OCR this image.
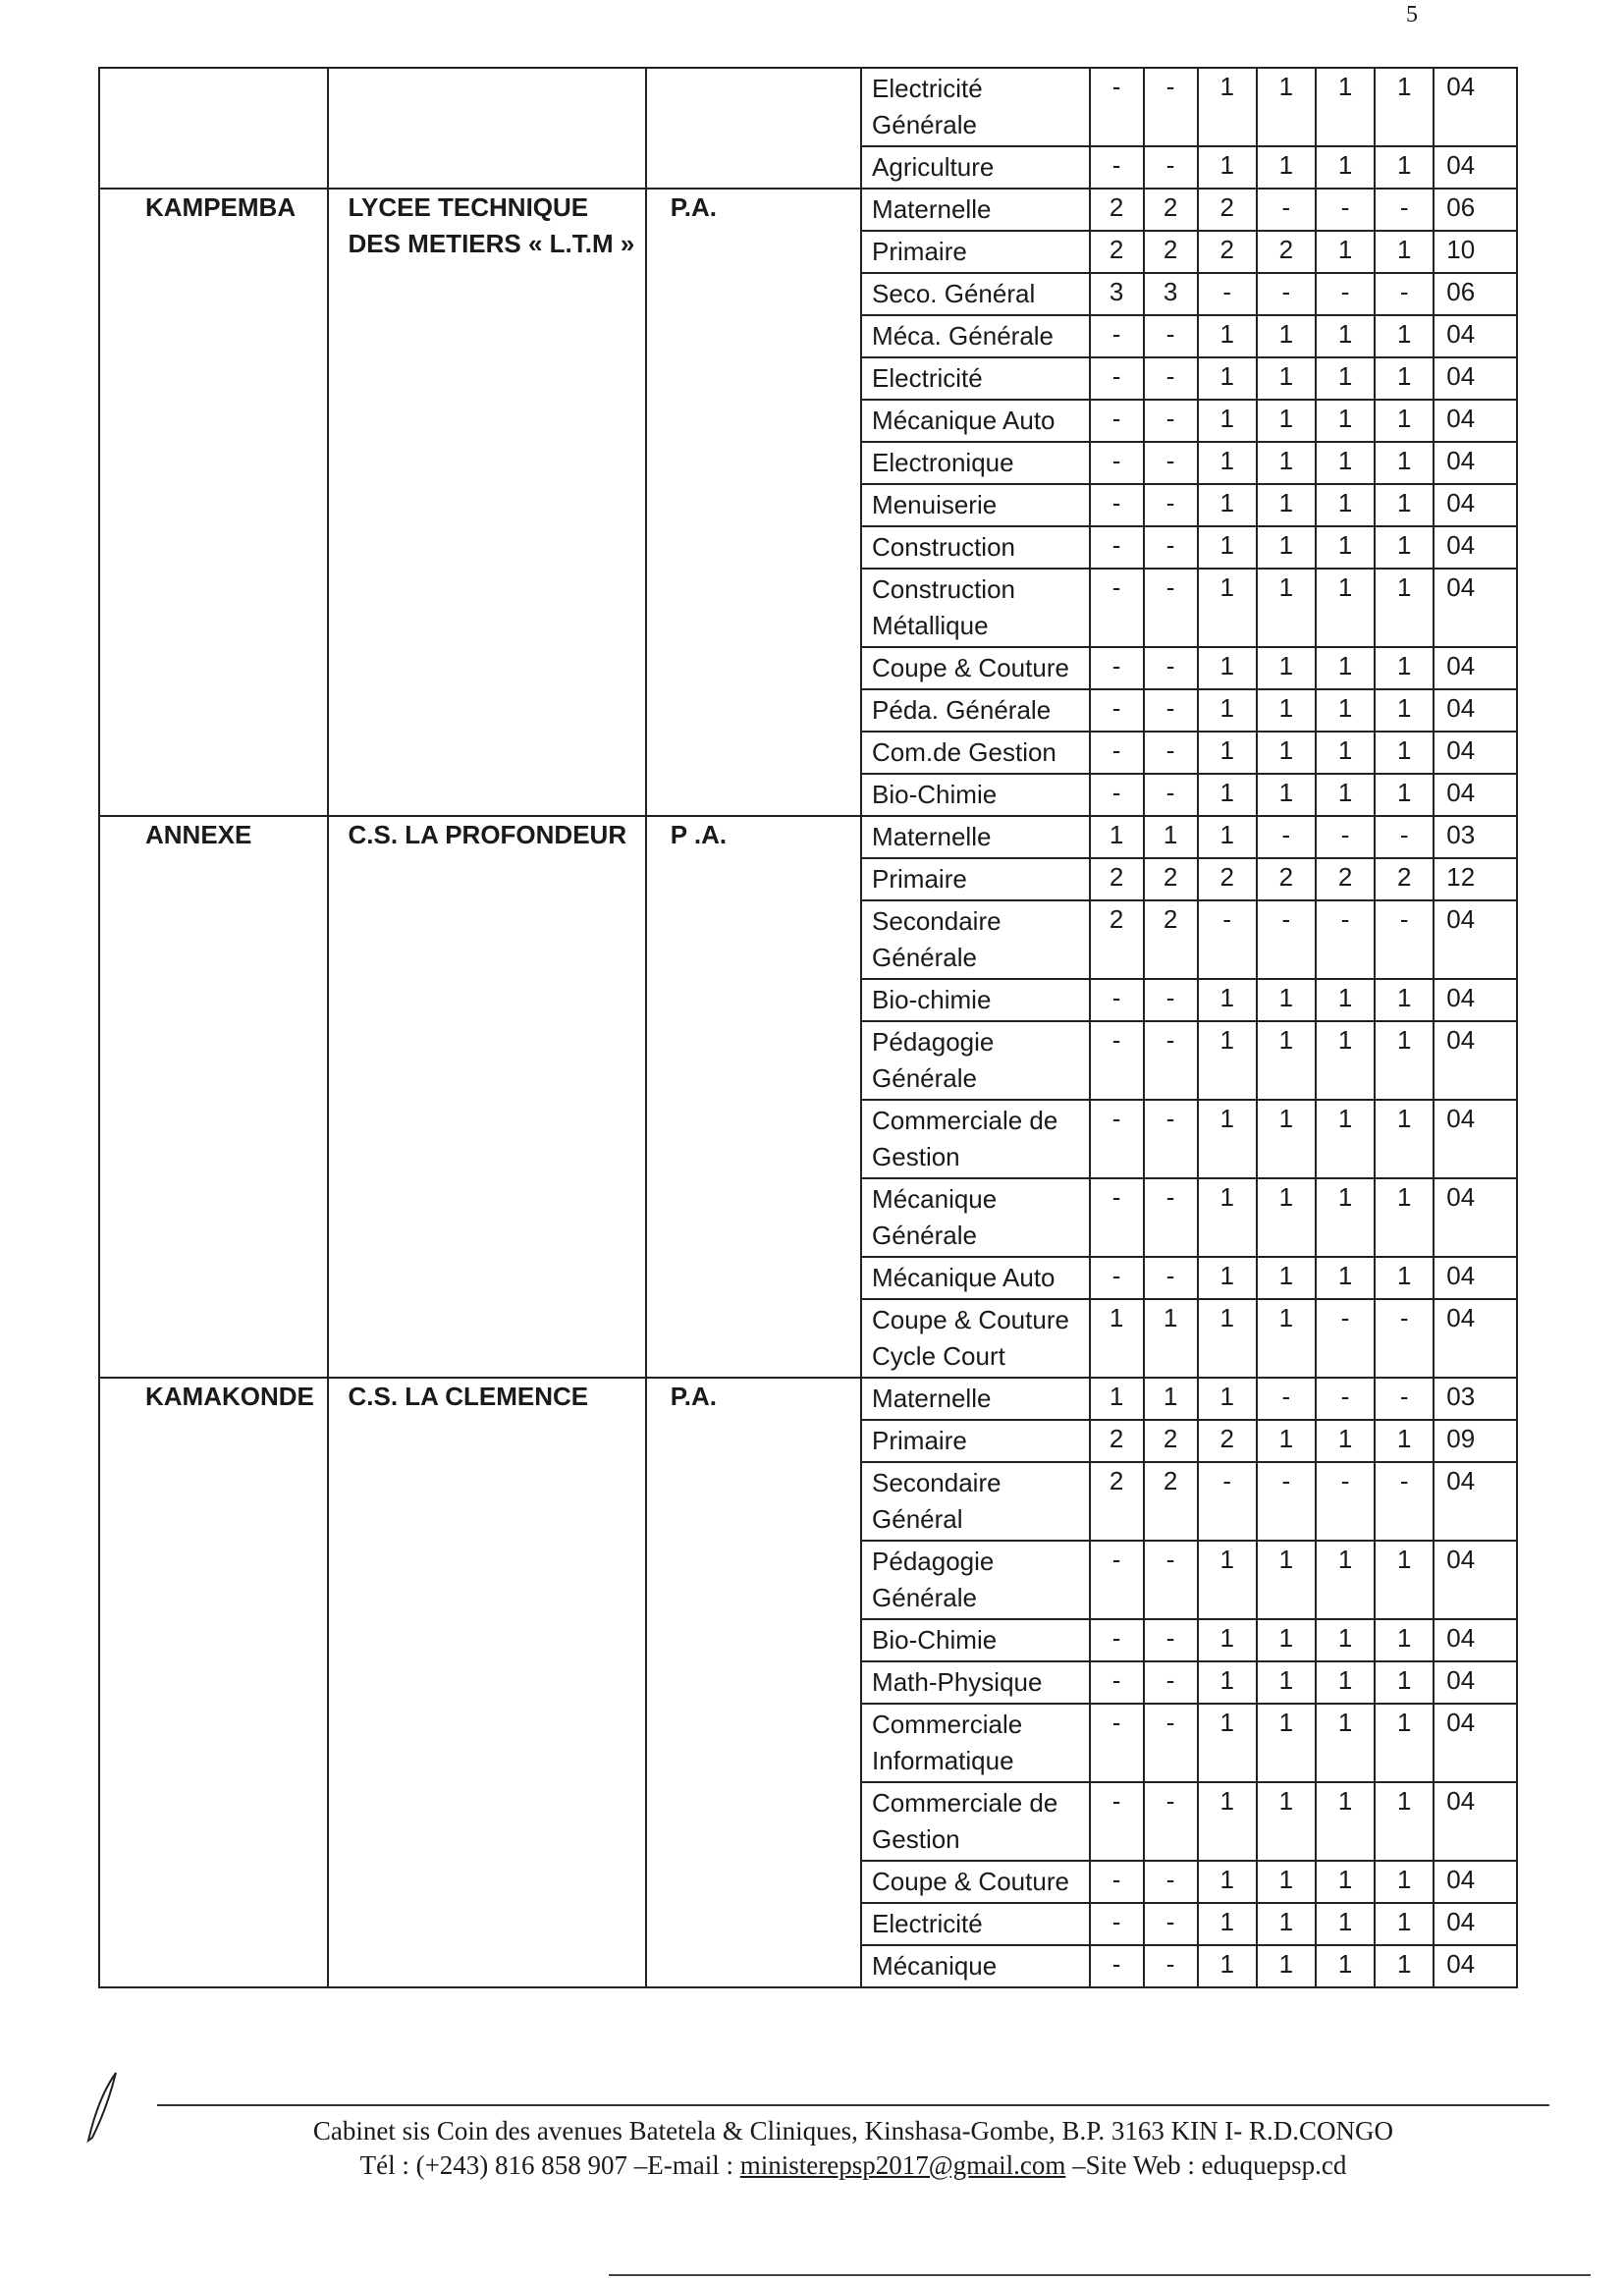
5
			Electricité Générale	-	-	1	1	1	1	04
			Agriculture	-	-	1	1	1	1	04
KAMPEMBA	LYCEE TECHNIQUE DES METIERS « L.T.M »	P.A.	Maternelle	2	2	2	-	-	-	06
			Primaire	2	2	2	2	1	1	10
			Seco. Général	3	3	-	-	-	-	06
			Méca. Générale	-	-	1	1	1	1	04
			Electricité	-	-	1	1	1	1	04
			Mécanique Auto	-	-	1	1	1	1	04
			Electronique	-	-	1	1	1	1	04
			Menuiserie	-	-	1	1	1	1	04
			Construction	-	-	1	1	1	1	04
			Construction Métallique	-	-	1	1	1	1	04
			Coupe & Couture	-	-	1	1	1	1	04
			Péda. Générale	-	-	1	1	1	1	04
			Com.de Gestion	-	-	1	1	1	1	04
			Bio-Chimie	-	-	1	1	1	1	04
ANNEXE	C.S. LA PROFONDEUR	P .A.	Maternelle	1	1	1	-	-	-	03
			Primaire	2	2	2	2	2	2	12
			Secondaire Générale	2	2	-	-	-	-	04
			Bio-chimie	-	-	1	1	1	1	04
			Pédagogie Générale	-	-	1	1	1	1	04
			Commerciale de Gestion	-	-	1	1	1	1	04
			Mécanique Générale	-	-	1	1	1	1	04
			Mécanique Auto	-	-	1	1	1	1	04
			Coupe & Couture Cycle Court	1	1	1	1	-	-	04
KAMAKONDE	C.S. LA CLEMENCE	P.A.	Maternelle	1	1	1	-	-	-	03
			Primaire	2	2	2	1	1	1	09
			Secondaire Général	2	2	-	-	-	-	04
			Pédagogie Générale	-	-	1	1	1	1	04
			Bio-Chimie	-	-	1	1	1	1	04
			Math-Physique	-	-	1	1	1	1	04
			Commerciale Informatique	-	-	1	1	1	1	04
			Commerciale de Gestion	-	-	1	1	1	1	04
			Coupe & Couture	-	-	1	1	1	1	04
			Electricité	-	-	1	1	1	1	04
			Mécanique	-	-	1	1	1	1	04
Cabinet sis Coin des avenues Batetela & Cliniques, Kinshasa-Gombe, B.P. 3163 KIN I- R.D.CONGO
Tél : (+243) 816 858 907 –E-mail : ministerepsp2017@gmail.com –Site Web : eduquepsp.cd
